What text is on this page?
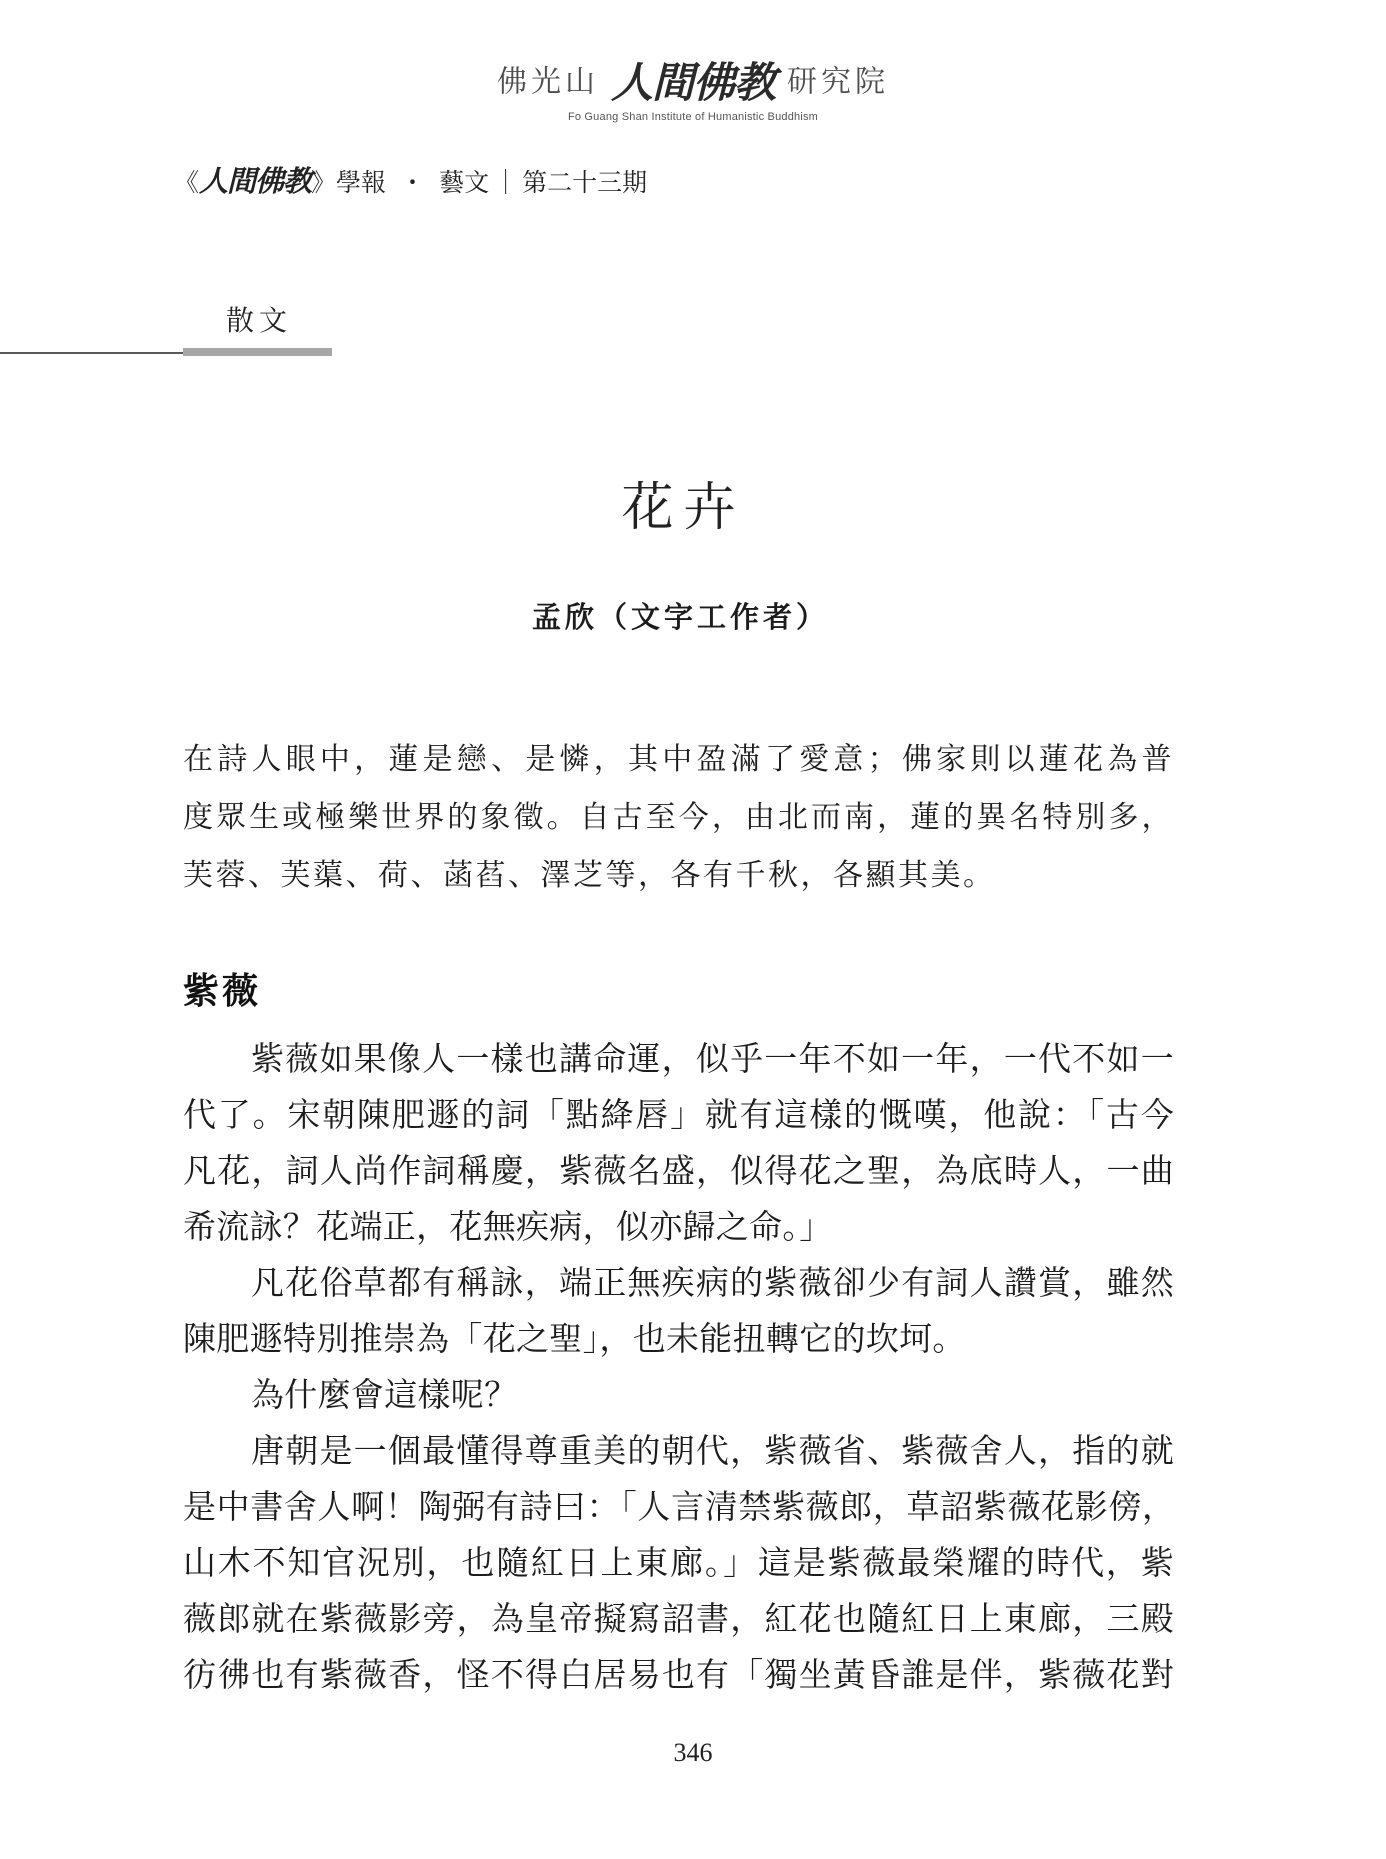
佛光山 人間佛教 研究院
Fo Guang Shan Institute of Humanistic Buddhism
《人間佛教》學報 ・ 藝文 ｜ 第二十三期
散文
花卉
孟欣（文字工作者）
在詩人眼中，蓮是戀、是憐，其中盈滿了愛意；佛家則以蓮花為普
度眾生或極樂世界的象徵。自古至今，由北而南，蓮的異名特別多，
芙蓉、芙蕖、荷、菡萏、澤芝等，各有千秋，各顯其美。
紫薇
紫薇如果像人一樣也講命運，似乎一年不如一年，一代不如一
代了。宋朝陳肥遯的詞「點絳唇」就有這樣的慨嘆，他說：「古今
凡花，詞人尚作詞稱慶，紫薇名盛，似得花之聖，為底時人，一曲
希流詠？花端正，花無疾病，似亦歸之命。」
凡花俗草都有稱詠，端正無疾病的紫薇卻少有詞人讚賞，雖然
陳肥遯特別推崇為「花之聖」，也未能扭轉它的坎坷。
為什麼會這樣呢？
唐朝是一個最懂得尊重美的朝代，紫薇省、紫薇舍人，指的就
是中書舍人啊！陶弼有詩曰：「人言清禁紫薇郎，草詔紫薇花影傍，
山木不知官況別，也隨紅日上東廊。」這是紫薇最榮耀的時代，紫
薇郎就在紫薇影旁，為皇帝擬寫詔書，紅花也隨紅日上東廊，三殿
彷彿也有紫薇香，怪不得白居易也有「獨坐黃昏誰是伴，紫薇花對
346
